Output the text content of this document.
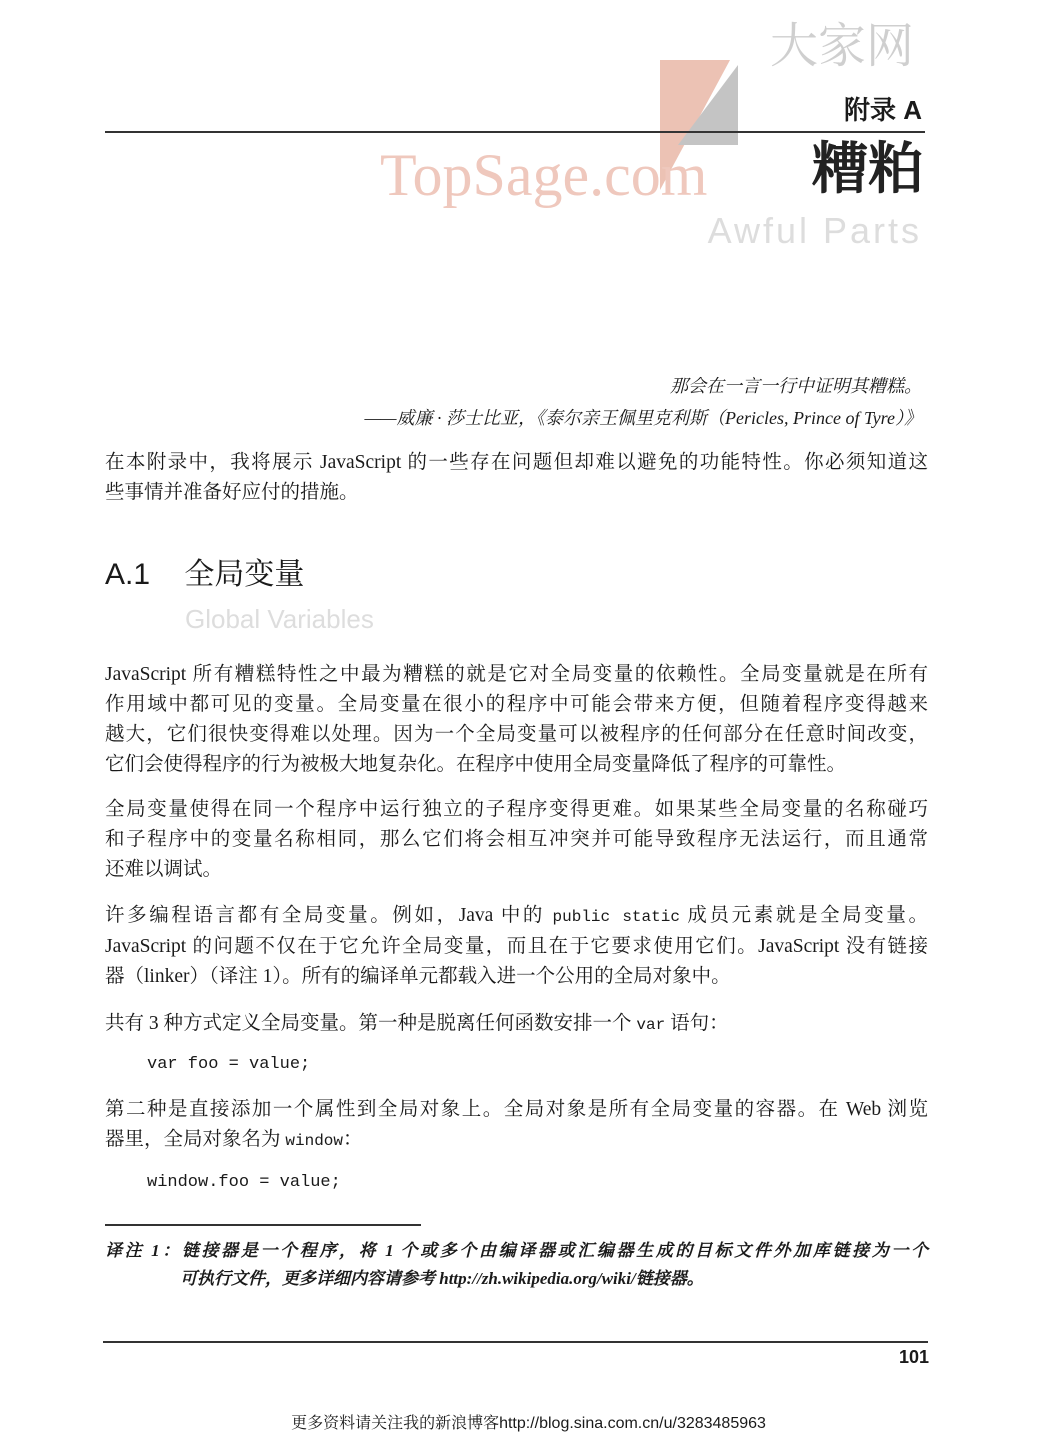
大家网
TopSage.com
附录 A
糟粕
Awful Parts
那会在一言一行中证明其糟糕。
——威廉 · 莎士比亚，《泰尔亲王佩里克利斯（Pericles, Prince of Tyre）》
在本附录中，我将展示 JavaScript 的一些存在问题但却难以避免的功能特性。你必须知道这
些事情并准备好应付的措施。
A.1 全局变量
Global Variables
JavaScript 所有糟糕特性之中最为糟糕的就是它对全局变量的依赖性。全局变量就是在所有
作用域中都可见的变量。全局变量在很小的程序中可能会带来方便，但随着程序变得越来
越大，它们很快变得难以处理。因为一个全局变量可以被程序的任何部分在任意时间改变，
它们会使得程序的行为被极大地复杂化。在程序中使用全局变量降低了程序的可靠性。
全局变量使得在同一个程序中运行独立的子程序变得更难。如果某些全局变量的名称碰巧
和子程序中的变量名称相同，那么它们将会相互冲突并可能导致程序无法运行，而且通常
还难以调试。
许多编程语言都有全局变量。例如，Java 中的 public static 成员元素就是全局变量。
JavaScript 的问题不仅在于它允许全局变量，而且在于它要求使用它们。JavaScript 没有链接
器（linker）（译注 1）。所有的编译单元都载入进一个公用的全局对象中。
共有 3 种方式定义全局变量。第一种是脱离任何函数安排一个 var 语句：
var foo = value;
第二种是直接添加一个属性到全局对象上。全局对象是所有全局变量的容器。在 Web 浏览
器里，全局对象名为 window：
window.foo = value;
译注 1：链接器是一个程序，将 1 个或多个由编译器或汇编器生成的目标文件外加库链接为一个
可执行文件，更多详细内容请参考 http://zh.wikipedia.org/wiki/链接器。
101
更多资料请关注我的新浪博客http://blog.sina.com.cn/u/3283485963
